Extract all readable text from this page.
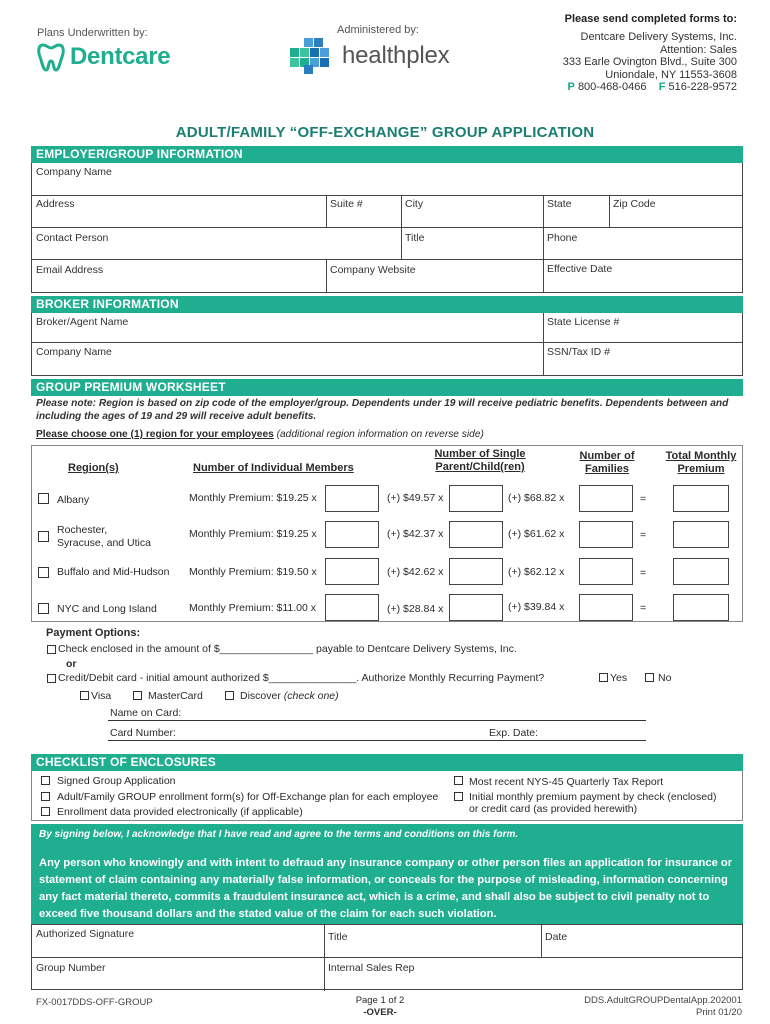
Plans Underwritten by:
Dentcare
Administered by:
healthplex
Please send completed forms to:
Dentcare Delivery Systems, Inc.
Attention: Sales
333 Earle Ovington Blvd., Suite 300
Uniondale, NY 11553-3608
P 800-468-0466 F 516-228-9572
ADULT/FAMILY “OFF-EXCHANGE” GROUP APPLICATION
EMPLOYER/GROUP INFORMATION
Company Name
Address	Suite #	City	State	Zip Code
Contact Person	Title	Phone
Email Address	Company Website	Effective Date
BROKER INFORMATION
Broker/Agent Name	State License #
Company Name	SSN/Tax ID #
GROUP PREMIUM WORKSHEET
Please note: Region is based on zip code of the employer/group. Dependents under 19 will receive pediatric benefits. Dependents between and including the ages of 19 and 29 will receive adult benefits.
Please choose one (1) region for your employees (additional region information on reverse side)
Region(s)	Number of Individual Members
Number of Single
Parent/Child(ren)
Number of
Families
Total Monthly
Premium
Albany	Monthly Premium: $19.25 x	(+) $49.57 x	(+) $68.82 x	=
Rochester,
Syracuse, and Utica
Monthly Premium: $19.25 x	(+) $42.37 x	(+) $61.62 x	=
Buffalo and Mid-Hudson Monthly Premium: $19.50 x	(+) $42.62 x	(+) $62.12 x	=
NYC and Long Island	Monthly Premium: $11.00 x	(+) $28.84 x	(+) $39.84 x	=
Payment Options:
Check enclosed in the amount of $________________ payable to Dentcare Delivery Systems, Inc.
or
Credit/Debit card - initial amount authorized $_______________. Authorize Monthly Recurring Payment?	Yes	No
Visa	MasterCard	Discover (check one)
Name on Card:
Card Number:	Exp. Date:
CHECKLIST OF ENCLOSURES
Signed Group Application
Adult/Family GROUP enrollment form(s) for Off-Exchange plan for each employee
Enrollment data provided electronically (if applicable)
Most recent NYS-45 Quarterly Tax Report
Initial monthly premium payment by check (enclosed)
or credit card (as provided herewith)
By signing below, I acknowledge that I have read and agree to the terms and conditions on this form.
Any person who knowingly and with intent to defraud any insurance company or other person files an application for insurance or statement of claim containing any materially false information, or conceals for the purpose of misleading, information concerning any fact material thereto, commits a fraudulent insurance act, which is a crime, and shall also be subject to civil penalty not to exceed five thousand dollars and the stated value of the claim for each such violation.
Authorized Signature	Title	Date
Group Number	Internal Sales Rep
FX-0017DDS-OFF-GROUP	Page 1 of 2
-OVER-
DDS.AdultGROUPDentalApp.202001
Print 01/20
